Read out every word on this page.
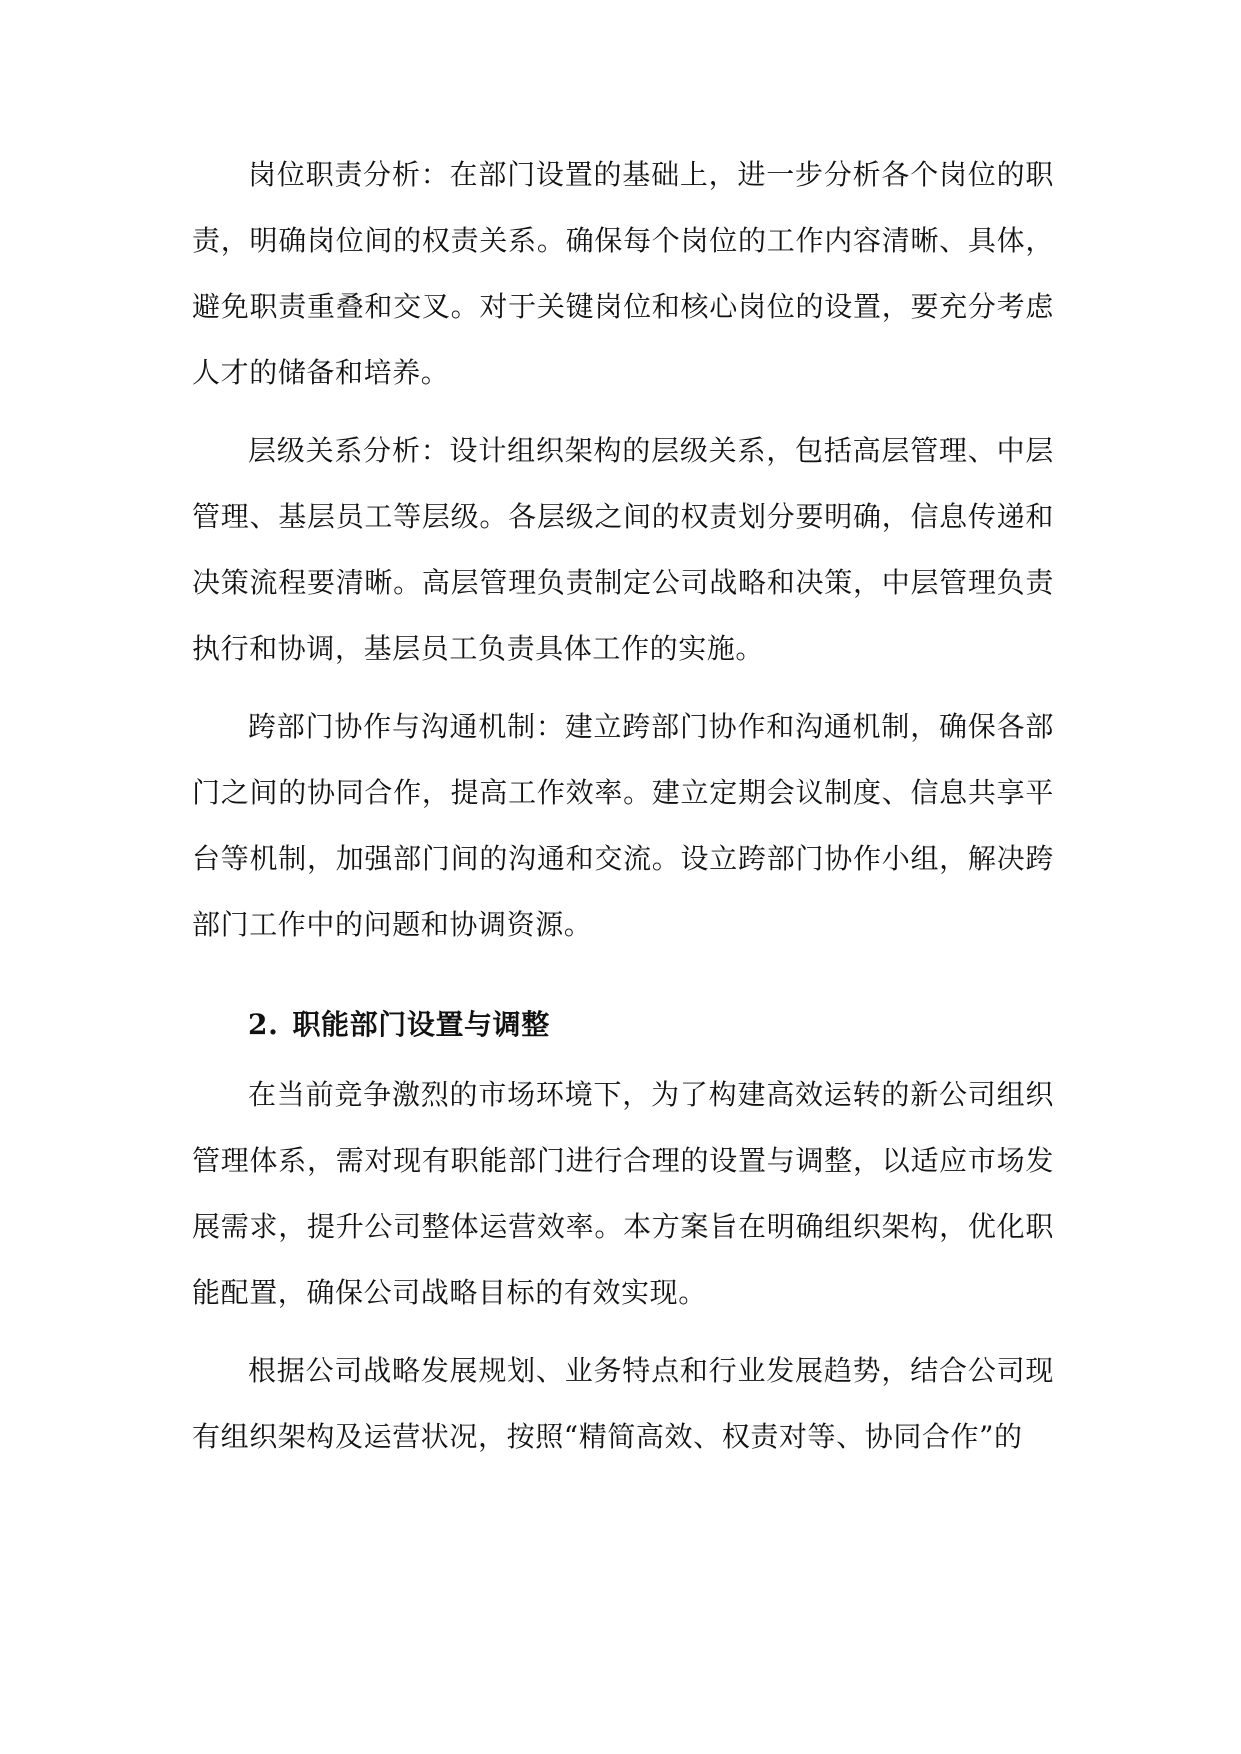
岗位职责分析：在部门设置的基础上，进一步分析各个岗位的职责，明确岗位间的权责关系。确保每个岗位的工作内容清晰、具体，避免职责重叠和交叉。对于关键岗位和核心岗位的设置，要充分考虑人才的储备和培养。

层级关系分析：设计组织架构的层级关系，包括高层管理、中层管理、基层员工等层级。各层级之间的权责划分要明确，信息传递和决策流程要清晰。高层管理负责制定公司战略和决策，中层管理负责执行和协调，基层员工负责具体工作的实施。

跨部门协作与沟通机制：建立跨部门协作和沟通机制，确保各部门之间的协同合作，提高工作效率。建立定期会议制度、信息共享平台等机制，加强部门间的沟通和交流。设立跨部门协作小组，解决跨部门工作中的问题和协调资源。

2. 职能部门设置与调整

在当前竞争激烈的市场环境下，为了构建高效运转的新公司组织管理体系，需对现有职能部门进行合理的设置与调整，以适应市场发展需求，提升公司整体运营效率。本方案旨在明确组织架构，优化职能配置，确保公司战略目标的有效实现。

根据公司战略发展规划、业务特点和行业发展趋势，结合公司现有组织架构及运营状况，按照“精简高效、权责对等、协同合作”的
